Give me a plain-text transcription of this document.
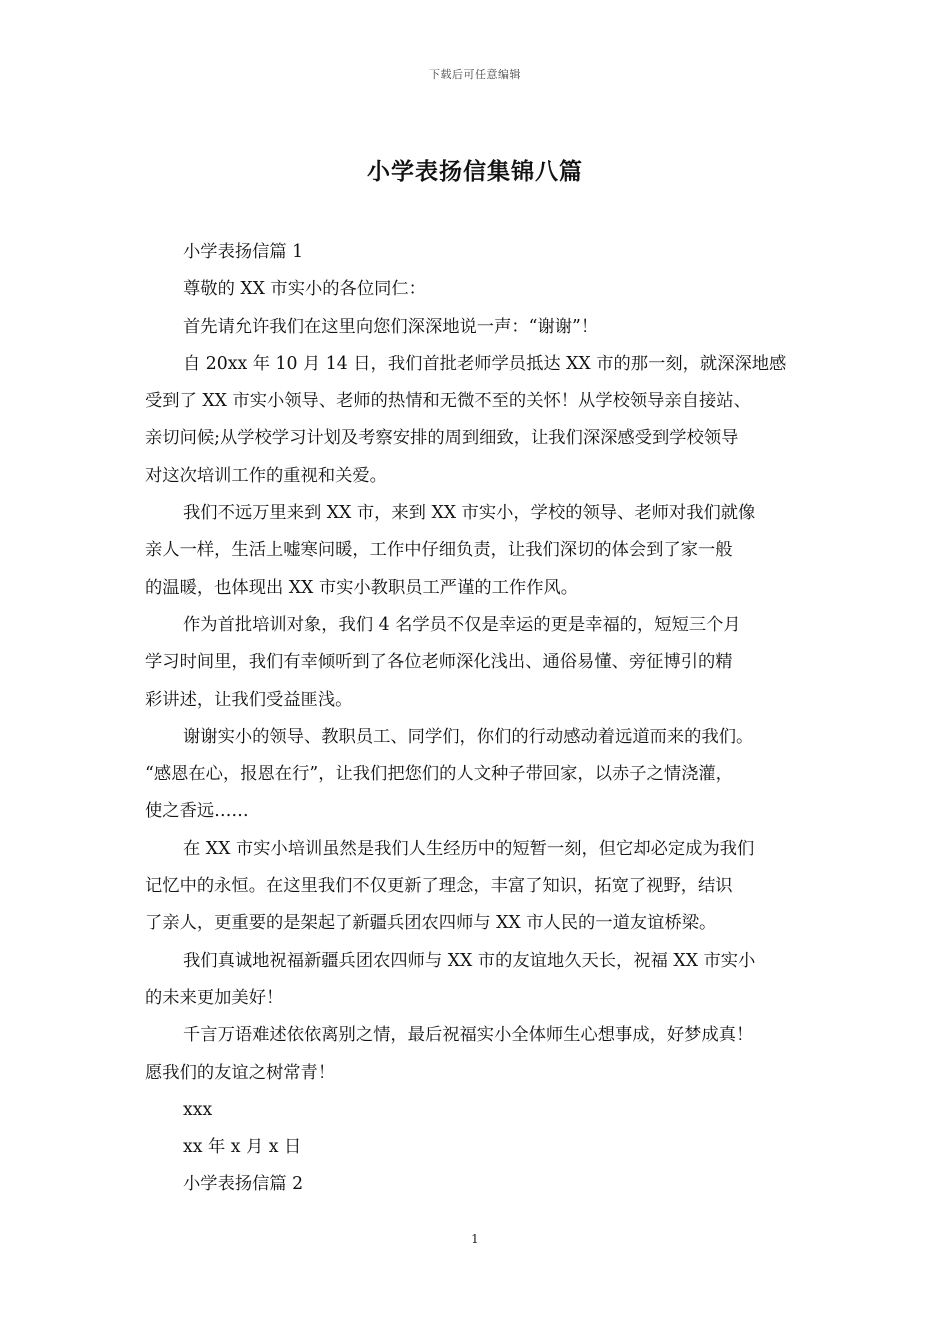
下载后可任意编辑
小学表扬信集锦八篇

小学表扬信篇 1

尊敬的 XX 市实小的各位同仁：

首先请允许我们在这里向您们深深地说一声：“谢谢”！

自 20xx 年 10 月 14 日，我们首批老师学员抵达 XX 市的那一刻，就深深地感

受到了 XX 市实小领导、老师的热情和无微不至的关怀！从学校领导亲自接站、

亲切问候;从学校学习计划及考察安排的周到细致，让我们深深感受到学校领导

对这次培训工作的重视和关爱。

我们不远万里来到 XX 市，来到 XX 市实小，学校的领导、老师对我们就像

亲人一样，生活上嘘寒问暖，工作中仔细负责，让我们深切的体会到了家一般

的温暖，也体现出 XX 市实小教职员工严谨的工作作风。

作为首批培训对象，我们 4 名学员不仅是幸运的更是幸福的，短短三个月

学习时间里，我们有幸倾听到了各位老师深化浅出、通俗易懂、旁征博引的精

彩讲述，让我们受益匪浅。

谢谢实小的领导、教职员工、同学们，你们的行动感动着远道而来的我们。

“感恩在心，报恩在行”，让我们把您们的人文种子带回家，以赤子之情浇灌，

使之香远……

在 XX 市实小培训虽然是我们人生经历中的短暂一刻，但它却必定成为我们

记忆中的永恒。在这里我们不仅更新了理念，丰富了知识，拓宽了视野，结识

了亲人，更重要的是架起了新疆兵团农四师与 XX 市人民的一道友谊桥梁。

我们真诚地祝福新疆兵团农四师与 XX 市的友谊地久天长，祝福 XX 市实小

的未来更加美好！

千言万语难述依依离别之情，最后祝福实小全体师生心想事成，好梦成真！

愿我们的友谊之树常青！

xxx

xx 年 x 月 x 日

小学表扬信篇 2

1
